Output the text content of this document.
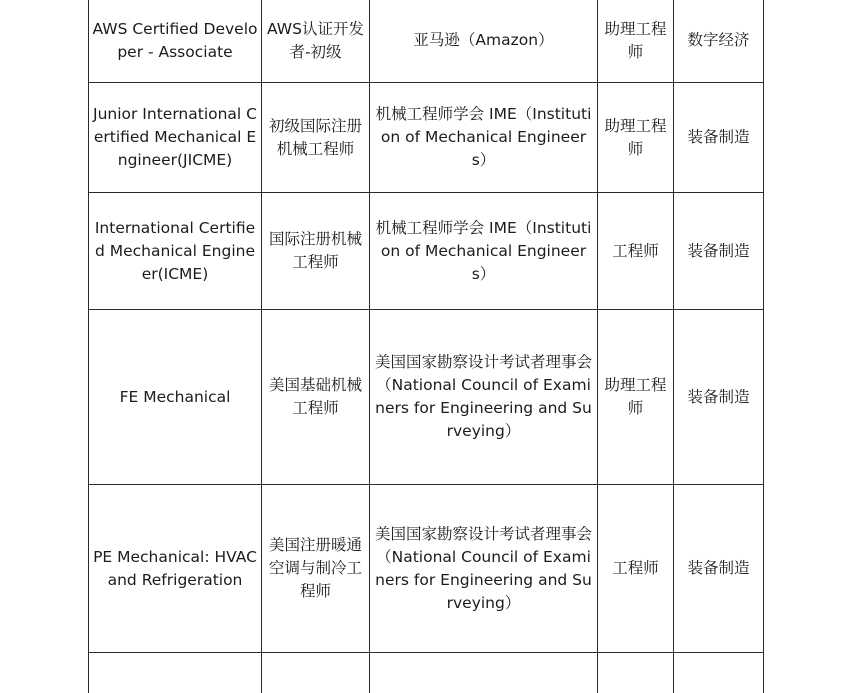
AWS Certified Developer - Associate	AWS认证开发者-初级	亚马逊（Amazon）	助理工程师	数字经济
Junior International Certified Mechanical Engineer(JICME)	初级国际注册机械工程师	机械工程师学会 IME（Institution of Mechanical Engineers）	助理工程师	装备制造
International Certified Mechanical Engineer(ICME)	国际注册机械工程师	机械工程师学会 IME（Institution of Mechanical Engineers）	工程师	装备制造
FE Mechanical	美国基础机械工程师	美国国家勘察设计考试者理事会（National Council of Examiners for Engineering and Surveying）	助理工程师	装备制造
PE Mechanical: HVAC and Refrigeration	美国注册暖通空调与制冷工程师	美国国家勘察设计考试者理事会（National Council of Examiners for Engineering and Surveying）	工程师	装备制造
